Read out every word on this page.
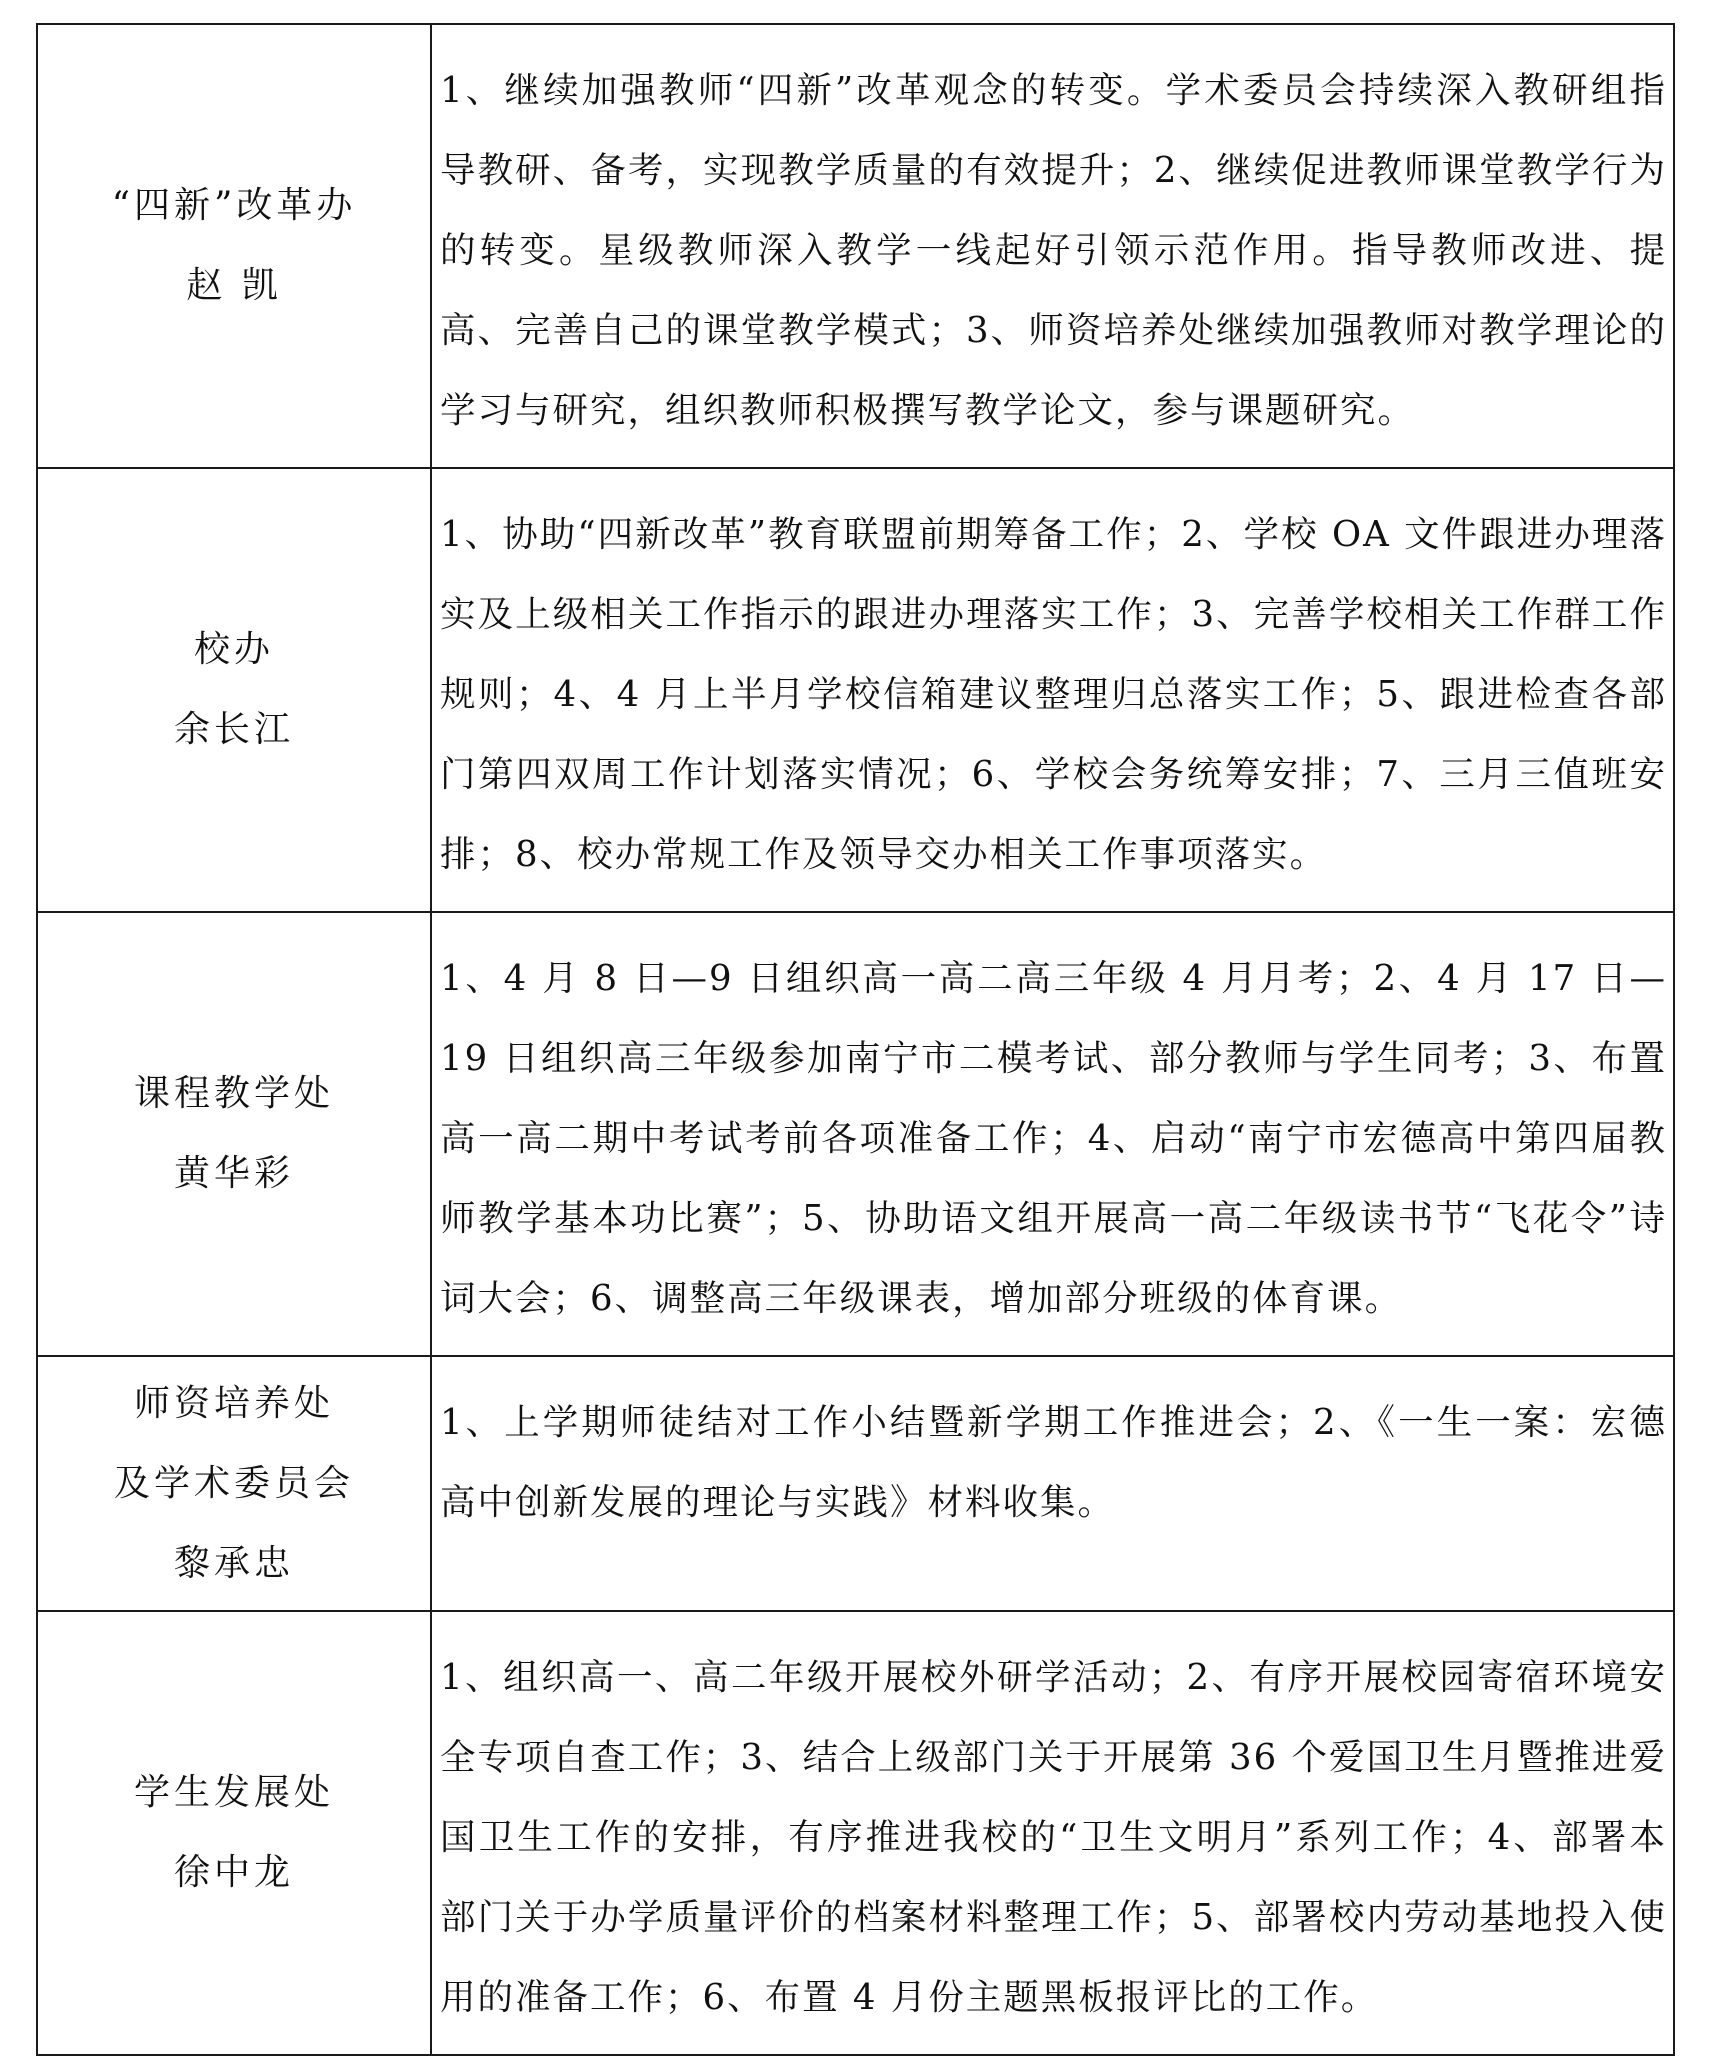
“四新”改革办
赵 凯	1、继续加强教师“四新”改革观念的转变。学术委员会持续深入教研组指导教研、备考，实现教学质量的有效提升；2、继续促进教师课堂教学行为的转变。星级教师深入教学一线起好引领示范作用。指导教师改进、提高、完善自己的课堂教学模式；3、师资培养处继续加强教师对教学理论的学习与研究，组织教师积极撰写教学论文，参与课题研究。

校办
余长江	1、协助“四新改革”教育联盟前期筹备工作；2、学校 OA 文件跟进办理落实及上级相关工作指示的跟进办理落实工作；3、完善学校相关工作群工作规则；4、4 月上半月学校信箱建议整理归总落实工作；5、跟进检查各部门第四双周工作计划落实情况；6、学校会务统筹安排；7、三月三值班安排；8、校办常规工作及领导交办相关工作事项落实。

课程教学处
黄华彩	1、4 月 8 日—9 日组织高一高二高三年级 4 月月考；2、4 月 17 日—19 日组织高三年级参加南宁市二模考试、部分教师与学生同考；3、布置高一高二期中考试考前各项准备工作；4、启动“南宁市宏德高中第四届教师教学基本功比赛”；5、协助语文组开展高一高二年级读书节“飞花令”诗词大会；6、调整高三年级课表，增加部分班级的体育课。

师资培养处
及学术委员会
黎承忠	1、上学期师徒结对工作小结暨新学期工作推进会；2、《一生一案：宏德高中创新发展的理论与实践》材料收集。

学生发展处
徐中龙	1、组织高一、高二年级开展校外研学活动；2、有序开展校园寄宿环境安全专项自查工作；3、结合上级部门关于开展第 36 个爱国卫生月暨推进爱国卫生工作的安排，有序推进我校的“卫生文明月”系列工作；4、部署本部门关于办学质量评价的档案材料整理工作；5、部署校内劳动基地投入使用的准备工作；6、布置 4 月份主题黑板报评比的工作。
